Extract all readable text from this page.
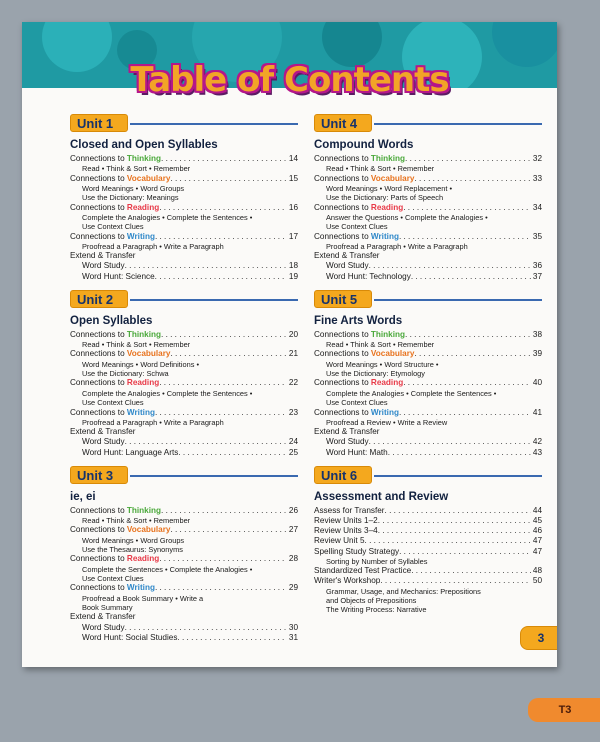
Table of Contents
Unit 1
Closed and Open Syllables
Connections to Thinking . . .	14
Read • Think & Sort • Remember
Connections to Vocabulary . . .	15
Word Meanings • Word Groups
Use the Dictionary: Meanings
Connections to Reading . . .	16
Complete the Analogies • Complete the Sentences •
Use Context Clues
Connections to Writing . . .	17
Proofread a Paragraph • Write a Paragraph
Extend & Transfer
Word Study . . .	18
Word Hunt: Science . . .	19
Unit 2
Open Syllables
Connections to Thinking . . .	20
Read • Think & Sort • Remember
Connections to Vocabulary . . .	21
Word Meanings • Word Definitions •
Use the Dictionary: Schwa
Connections to Reading . . .	22
Complete the Analogies • Complete the Sentences •
Use Context Clues
Connections to Writing . . .	23
Proofread a Paragraph • Write a Paragraph
Extend & Transfer
Word Study . . .	24
Word Hunt: Language Arts . . .	25
Unit 3
ie, ei
Connections to Thinking . . .	26
Read • Think & Sort • Remember
Connections to Vocabulary . . .	27
Word Meanings • Word Groups
Use the Thesaurus: Synonyms
Connections to Reading . . .	28
Complete the Sentences • Complete the Analogies •
Use Context Clues
Connections to Writing . . .	29
Proofread a Book Summary • Write a
Book Summary
Extend & Transfer
Word Study . . .	30
Word Hunt: Social Studies . . .	31
Unit 4
Compound Words
Connections to Thinking . . .	32
Read • Think & Sort • Remember
Connections to Vocabulary . . .	33
Word Meanings • Word Replacement •
Use the Dictionary: Parts of Speech
Connections to Reading . . .	34
Answer the Questions • Complete the Analogies •
Use Context Clues
Connections to Writing . . .	35
Proofread a Paragraph • Write a Paragraph
Extend & Transfer
Word Study . . .	36
Word Hunt: Technology . . .	37
Unit 5
Fine Arts Words
Connections to Thinking . . .	38
Read • Think & Sort • Remember
Connections to Vocabulary . . .	39
Word Meanings • Word Structure •
Use the Dictionary: Etymology
Connections to Reading . . .	40
Complete the Analogies • Complete the Sentences •
Use Context Clues
Connections to Writing . . .	41
Proofread a Review • Write a Review
Extend & Transfer
Word Study . . .	42
Word Hunt: Math . . .	43
Unit 6
Assessment and Review
Assess for Transfer . . .	44
Review Units 1–2 . . .	45
Review Units 3–4 . . .	46
Review Unit 5 . . .	47
Spelling Study Strategy . . .	47
Sorting by Number of Syllables
Standardized Test Practice . . .	48
Writer's Workshop . . .	50
Grammar, Usage, and Mechanics: Prepositions
and Objects of Prepositions
The Writing Process: Narrative
3
T3
